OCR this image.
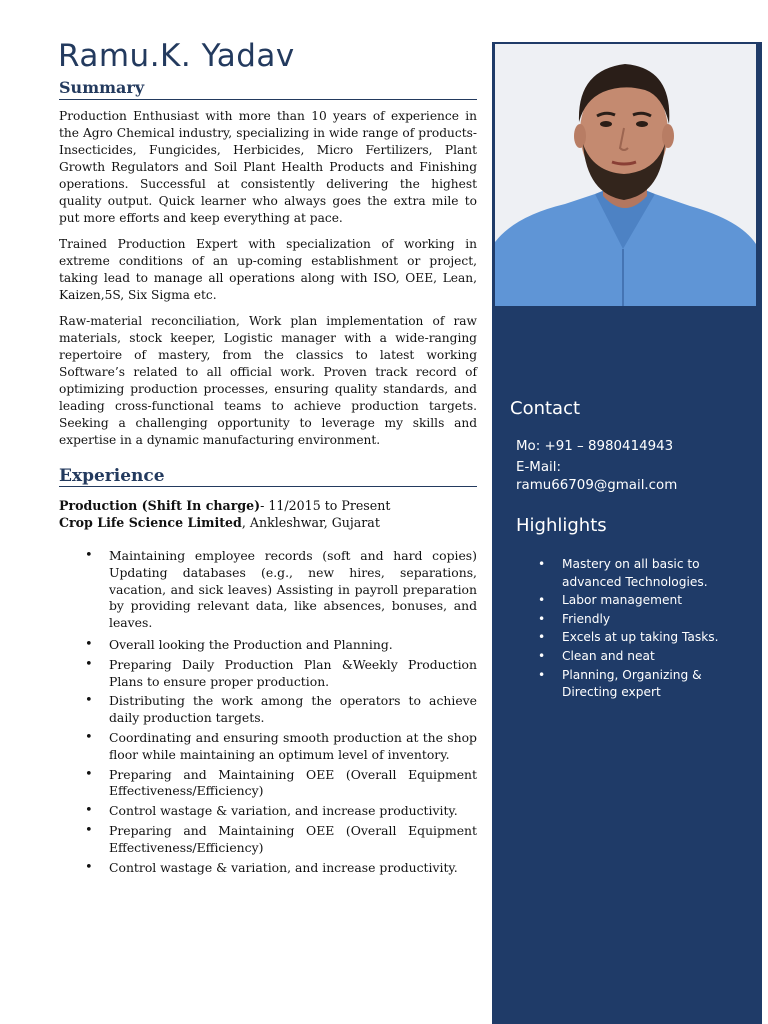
Ramu.K. Yadav
Summary
Production Enthusiast with more than 10 years of experience in the Agro Chemical industry, specializing in wide range of products- Insecticides, Fungicides, Herbicides, Micro Fertilizers, Plant Growth Regulators and Soil Plant Health Products and Finishing operations. Successful at consistently delivering the highest quality output. Quick learner who always goes the extra mile to put more efforts and keep everything at pace.
Trained Production Expert with specialization of working in extreme conditions of an up-coming establishment or project, taking lead to manage all operations along with ISO, OEE, Lean, Kaizen,5S, Six Sigma etc.
Raw-material reconciliation, Work plan implementation of raw materials, stock keeper, Logistic manager with a wide-ranging repertoire of mastery, from the classics to latest working Software’s related to all official work. Proven track record of optimizing production processes, ensuring quality standards, and leading cross-functional teams to achieve production targets. Seeking a challenging opportunity to leverage my skills and expertise in a dynamic manufacturing environment.
Experience
Production (Shift In charge)- 11/2015 to Present
Crop Life Science Limited, Ankleshwar, Gujarat
• Maintaining employee records (soft and hard copies) Updating databases (e.g., new hires, separations, vacation, and sick leaves) Assisting in payroll preparation by providing relevant data, like absences, bonuses, and leaves.
• Overall looking the Production and Planning.
• Preparing Daily Production Plan &Weekly Production Plans to ensure proper production.
• Distributing the work among the operators to achieve daily production targets.
• Coordinating and ensuring smooth production at the shop floor while maintaining an optimum level of inventory.
• Preparing and Maintaining OEE (Overall Equipment Effectiveness/Efficiency)
• Control wastage & variation, and increase productivity.
• Preparing and Maintaining OEE (Overall Equipment Effectiveness/Efficiency)
• Control wastage & variation, and increase productivity.
Contact
Mo: +91 – 8980414943
E-Mail:
ramu66709@gmail.com
Highlights
• Mastery on all basic to advanced Technologies.
• Labor management
• Friendly
• Excels at up taking Tasks.
• Clean and neat
• Planning, Organizing & Directing expert
